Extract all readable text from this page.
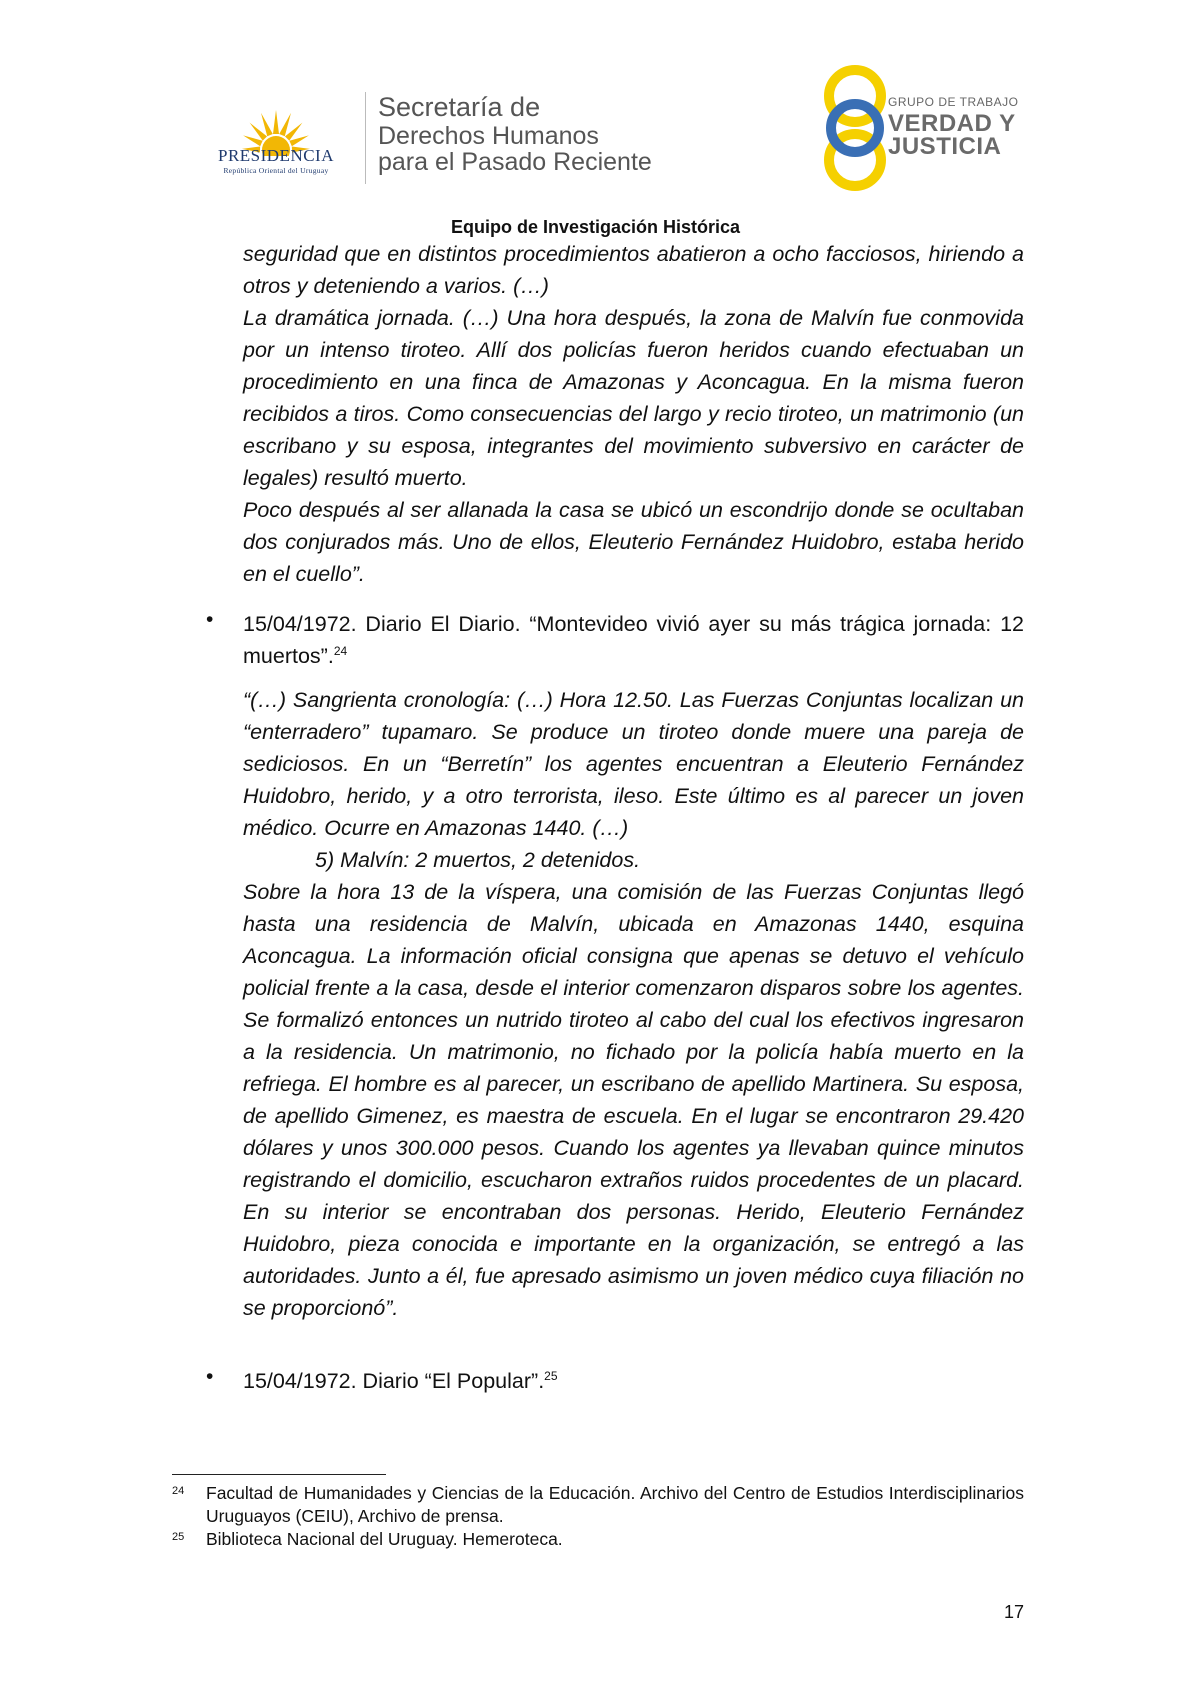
PRESIDENCIA
República Oriental del Uruguay
Secretaría de
Derechos Humanos
para el Pasado Reciente
GRUPO DE TRABAJO
VERDAD Y
JUSTICIA
Equipo de Investigación Histórica

seguridad que en distintos procedimientos abatieron a ocho facciosos, hiriendo a otros y deteniendo a varios. (…)

La dramática jornada. (…) Una hora después, la zona de Malvín fue conmovida por un intenso tiroteo. Allí dos policías fueron heridos cuando efectuaban un procedimiento en una finca de Amazonas y Aconcagua. En la misma fueron recibidos a tiros. Como consecuencias del largo y recio tiroteo, un matrimonio (un escribano y su esposa, integrantes del movimiento subversivo en carácter de legales) resultó muerto.

Poco después al ser allanada la casa se ubicó un escondrijo donde se ocultaban dos conjurados más. Uno de ellos, Eleuterio Fernández Huidobro, estaba herido en el cuello”.

• 15/04/1972. Diario El Diario. “Montevideo vivió ayer su más trágica jornada: 12 muertos”.$^{24}$

“(…) Sangrienta cronología: (…) Hora 12.50. Las Fuerzas Conjuntas localizan un “enterradero” tupamaro. Se produce un tiroteo donde muere una pareja de sediciosos. En un “Berretín” los agentes encuentran a Eleuterio Fernández Huidobro, herido, y a otro terrorista, ileso. Este último es al parecer un joven médico. Ocurre en Amazonas 1440. (…)

5) Malvín: 2 muertos, 2 detenidos.

Sobre la hora 13 de la víspera, una comisión de las Fuerzas Conjuntas llegó hasta una residencia de Malvín, ubicada en Amazonas 1440, esquina Aconcagua. La información oficial consigna que apenas se detuvo el vehículo policial frente a la casa, desde el interior comenzaron disparos sobre los agentes. Se formalizó entonces un nutrido tiroteo al cabo del cual los efectivos ingresaron a la residencia. Un matrimonio, no fichado por la policía había muerto en la refriega. El hombre es al parecer, un escribano de apellido Martinera. Su esposa, de apellido Gimenez, es maestra de escuela. En el lugar se encontraron 29.420 dólares y unos 300.000 pesos. Cuando los agentes ya llevaban quince minutos registrando el domicilio, escucharon extraños ruidos procedentes de un placard. En su interior se encontraban dos personas. Herido, Eleuterio Fernández Huidobro, pieza conocida e importante en la organización, se entregó a las autoridades. Junto a él, fue apresado asimismo un joven médico cuya filiación no se proporcionó”.

• 15/04/1972. Diario “El Popular”.$^{25}$
24 Facultad de Humanidades y Ciencias de la Educación. Archivo del Centro de Estudios Interdisciplinarios Uruguayos (CEIU), Archivo de prensa.
25 Biblioteca Nacional del Uruguay. Hemeroteca.
17
